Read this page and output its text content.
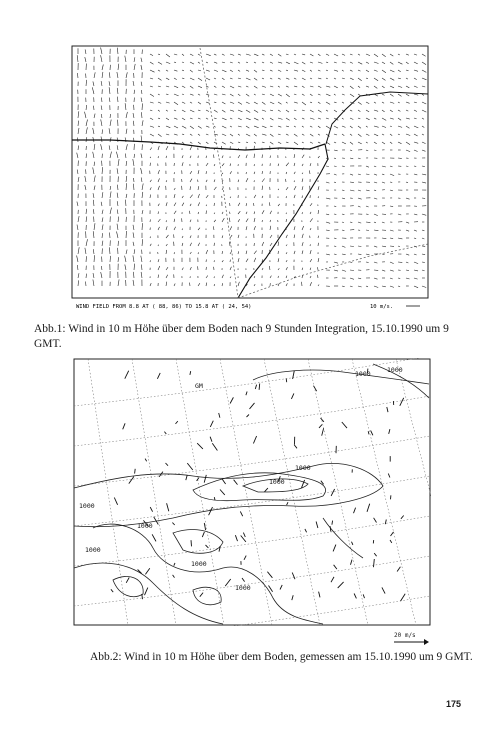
WIND FIELD FROM 8.8 AT ( 88, 86) TO 15.8 AT ( 24, 54)	10 m/s.
Abb.1: Wind in 10 m Höhe über dem Boden nach 9 Stunden Integration, 15.10.1990 um 9 GMT.
1000	1000
1000
1000
1000
1000
1000
1000
1000
GM
20 m/s
Abb.2: Wind in 10 m Höhe über dem Boden, gemessen am 15.10.1990 um 9 GMT.
175
